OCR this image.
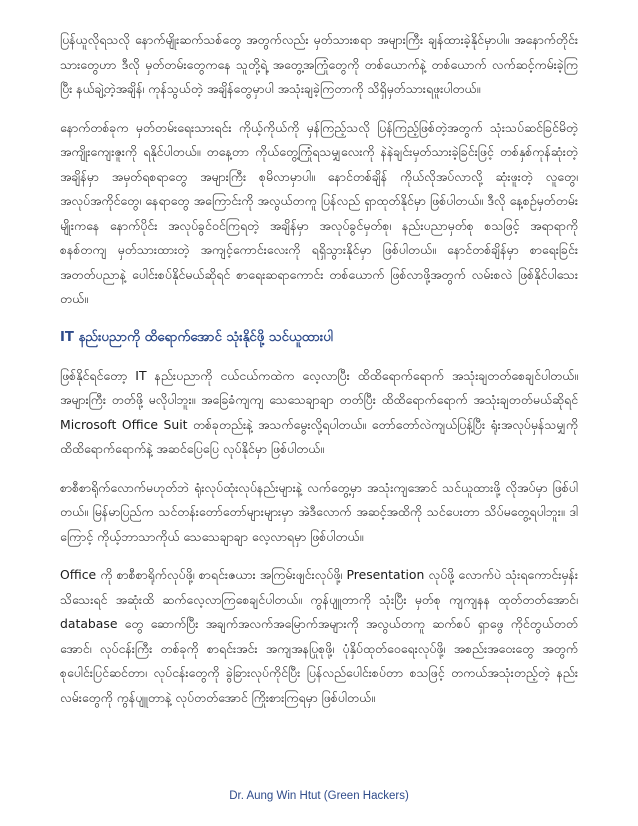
ပြန်ယူလိုရသလို နောက်မျိုးဆက်သစ်တွေ အတွက်လည်း မှတ်သားစရာ အများကြီး ချန်ထားခဲ့နိုင်မှာပါ။ အနောက်တိုင်းသားတွေဟာ ဒီလို မှတ်တမ်းတွေကနေ သူတို့ရဲ့ အတွေ့အကြုံတွေကို တစ်ယောက်နဲ့ တစ်ယောက် လက်ဆင့်ကမ်းခဲ့ကြပြီး နယ်ချဲ့တဲ့အချိန်၊ ကုန်သွယ်တဲ့ အချိန်တွေမှာပါ အသုံးချခဲ့ကြတာကို သိရှိမှတ်သားရဖူးပါတယ်။

နောက်တစ်ခုက မှတ်တမ်းရေးသားရင်း ကိုယ့်ကိုယ်ကို မှန်ကြည့်သလို ပြန်ကြည့်ဖြစ်တဲ့အတွက် သုံးသပ်ဆင်ခြင်မိတဲ့ အကျိုးကျေးဇူးကို ရနိုင်ပါတယ်။ တနေ့တာ ကိုယ်တွေ့ကြုံရသမျှလေးကို နဲနဲချင်းမှတ်သားခဲ့ခြင်းဖြင့် တစ်နှစ်ကုန်ဆုံးတဲ့အချိန်မှာ အမှတ်ရစရာတွေ အများကြီး စုမိလာမှာပါ။ နောင်တစ်ချိန် ကိုယ်လိုအပ်လာလို့ ဆုံးဖူးတဲ့ လူတွေ၊ အလုပ်အကိုင်တွေ၊ နေရာတွေ အကြောင်းကို အလွယ်တကူ ပြန်လည် ရှာထုတ်နိုင်မှာ ဖြစ်ပါတယ်။ ဒီလို နေ့စဉ်မှတ်တမ်းမျိုးကနေ နောက်ပိုင်း အလုပ်ခွင်ဝင်ကြရတဲ့ အချိန်မှာ အလုပ်ခွင်မှတ်စု၊ နည်းပညာမှတ်စု စသဖြင့် အရာရာကို စနစ်တကျ မှတ်သားထားတဲ့ အကျင့်ကောင်းလေးကို ရရှိသွားနိုင်မှာ ဖြစ်ပါတယ်။ နောင်တစ်ချိန်မှာ စာရေးခြင်း အတတ်ပညာနဲ့ ပေါင်းစပ်နိုင်မယ်ဆိုရင် စာရေးဆရာကောင်း တစ်ယောက် ဖြစ်လာဖို့အတွက် လမ်းစလဲ ဖြစ်နိုင်ပါသေးတယ်။

IT နည်းပညာကို ထိရောက်အောင် သုံးနိုင်ဖို့ သင်ယူထားပါ

ဖြစ်နိုင်ရင်တော့ IT နည်းပညာကို ငယ်ငယ်ကထဲက လေ့လာပြီး ထိထိရောက်ရောက် အသုံးချတတ်စေချင်ပါတယ်။ အများကြီး တတ်ဖို့ မလိုပါဘူး။ အခြေခံကျကျ သေသေချာချာ တတ်ပြီး ထိထိရောက်ရောက် အသုံးချတတ်မယ်ဆိုရင် Microsoft Office Suit တစ်ခုတည်းနဲ့ အသက်မွေးလို့ရပါတယ်။ တော်တော်လဲကျယ်ပြန့်ပြီး ရုံးအလုပ်မှန်သမျှကို ထိထိရောက်ရောက်နဲ့ အဆင်ပြေပြေ လုပ်နိုင်မှာ ဖြစ်ပါတယ်။

စာစီစာရိုက်လောက်မဟုတ်ဘဲ ရုံးလုပ်ထုံးလုပ်နည်းများနဲ့ လက်တွေ့မှာ အသုံးကျအောင် သင်ယူထားဖို့ လိုအပ်မှာ ဖြစ်ပါတယ်။ မြန်မာပြည်က သင်တန်းတော်တော်များများမှာ အဲဒီလောက် အဆင့်အထိကို သင်ပေးတာ သိပ်မတွေ့ရပါဘူး။ ဒါကြောင့် ကိုယ့်ဘာသာကိုယ် သေသေချာချာ လေ့လာရမှာ ဖြစ်ပါတယ်။

Office ကို စာစီစာရိုက်လုပ်ဖို့၊ စာရင်းဇယား အကြမ်းဖျင်းလုပ်ဖို့၊ Presentation လုပ်ဖို့ လောက်ပဲ သုံးရကောင်းမှန်း သိသေးရင် အဆုံးထိ ဆက်လေ့လာကြစေချင်ပါတယ်။ ကွန်ပျူတာကို သုံးပြီး မှတ်စု ကျကျနန ထုတ်တတ်အောင်၊ database တွေ ဆောက်ပြီး အချက်အလက်အမြောက်အများကို အလွယ်တကူ ဆက်စပ် ရှာဖွေ ကိုင်တွယ်တတ်အောင်၊ လုပ်ငန်းကြီး တစ်ခုကို စာရင်းအင်း အကျအနပြုစုဖို့၊ ပုံနှိပ်ထုတ်ဝေရေးလုပ်ဖို့၊ အစည်းအဝေးတွေ အတွက် စုပေါင်းပြင်ဆင်တာ၊ လုပ်ငန်းတွေကို ခွဲခြားလုပ်ကိုင်ပြီး ပြန်လည်ပေါင်းစပ်တာ စသဖြင့် တကယ်အသုံးတည့်တဲ့ နည်းလမ်းတွေကို ကွန်ပျူတာနဲ့ လုပ်တတ်အောင် ကြိုးစားကြရမှာ ဖြစ်ပါတယ်။

Dr. Aung Win Htut (Green Hackers)
